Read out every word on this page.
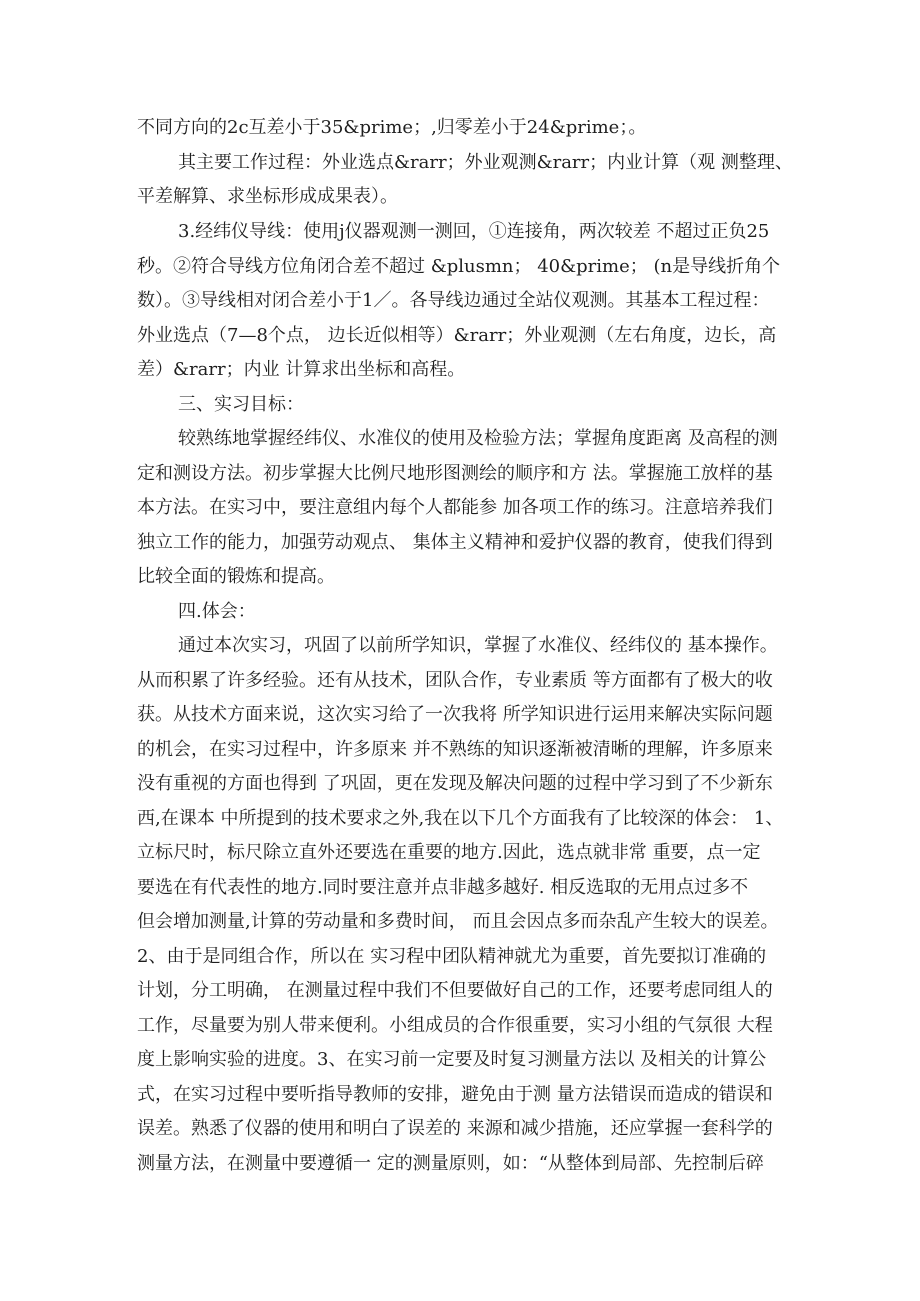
不同方向的2c互差小于35&prime；,归零差小于24&prime；。
其主要工作过程：外业选点&rarr；外业观测&rarr；内业计算（观 测整理、
平差解算、求坐标形成成果表）。
3.经纬仪导线：使用j仪器观测一测回，①连接角，两次较差 不超过正负25
秒。②符合导线方位角闭合差不超过 &plusmn； 40&prime； (n是导线折角个
数）。③导线相对闭合差小于1／。各导线边通过全站仪观测。其基本工程过程：
外业选点（7—8个点， 边长近似相等）&rarr；外业观测（左右角度，边长，高
差）&rarr；内业 计算求出坐标和高程。
三、实习目标：
较熟练地掌握经纬仪、水准仪的使用及检验方法；掌握角度距离 及高程的测
定和测设方法。初步掌握大比例尺地形图测绘的顺序和方 法。掌握施工放样的基
本方法。在实习中，要注意组内每个人都能参 加各项工作的练习。注意培养我们
独立工作的能力，加强劳动观点、 集体主义精神和爱护仪器的教育，使我们得到
比较全面的锻炼和提高。
四.体会：
通过本次实习，巩固了以前所学知识，掌握了水准仪、经纬仪的 基本操作。
从而积累了许多经验。还有从技术，团队合作，专业素质 等方面都有了极大的收
获。从技术方面来说，这次实习给了一次我将 所学知识进行运用来解决实际问题
的机会，在实习过程中，许多原来 并不熟练的知识逐渐被清晰的理解，许多原来
没有重视的方面也得到 了巩固，更在发现及解决问题的过程中学习到了不少新东
西,在课本 中所提到的技术要求之外,我在以下几个方面我有了比较深的体会： 1、
立标尺时，标尺除立直外还要选在重要的地方.因此，选点就非常 重要，点一定
要选在有代表性的地方.同时要注意并点非越多越好. 相反选取的无用点过多不
但会增加测量,计算的劳动量和多费时间， 而且会因点多而杂乱产生较大的误差。
2、由于是同组合作，所以在 实习程中团队精神就尤为重要，首先要拟订准确的
计划，分工明确， 在测量过程中我们不但要做好自己的工作，还要考虑同组人的
工作，尽量要为别人带来便利。小组成员的合作很重要，实习小组的气氛很 大程
度上影响实验的进度。3、在实习前一定要及时复习测量方法以 及相关的计算公
式，在实习过程中要听指导教师的安排，避免由于测 量方法错误而造成的错误和
误差。熟悉了仪器的使用和明白了误差的 来源和减少措施，还应掌握一套科学的
测量方法，在测量中要遵循一 定的测量原则，如：“从整体到局部、先控制后碎
